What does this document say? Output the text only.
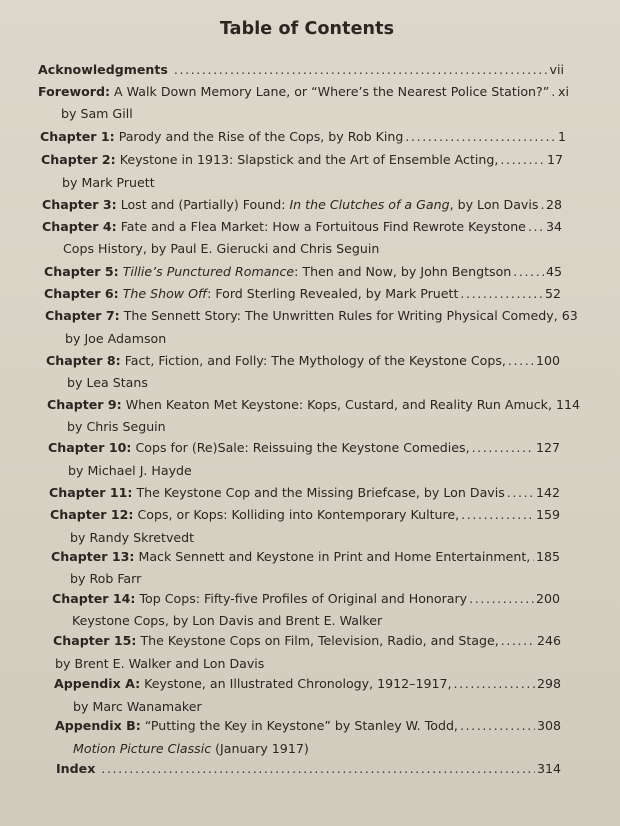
Table of Contents
Acknowledgments . . .	vii
Foreword: A Walk Down Memory Lane, or “Where’s the Nearest Police Station?” . . . xi
by Sam Gill
Chapter 1: Parody and the Rise of the Cops, by Rob King . . .	1
Chapter 2: Keystone in 1913: Slapstick and the Art of Ensemble Acting, . . .	17
by Mark Pruett
Chapter 3: Lost and (Partially) Found: In the Clutches of a Gang, by Lon Davis . . . 28
Chapter 4: Fate and a Flea Market: How a Fortuitous Find Rewrote Keystone . . . 34
Cops History, by Paul E. Gierucki and Chris Seguin
Chapter 5: Tillie’s Punctured Romance: Then and Now, by John Bengtson . . .	45
Chapter 6: The Show Off: Ford Sterling Revealed, by Mark Pruett . . .	52
Chapter 7: The Sennett Story: The Unwritten Rules for Writing Physical Comedy, 63
by Joe Adamson
Chapter 8: Fact, Fiction, and Folly: The Mythology of the Keystone Cops, . . . 100
by Lea Stans
Chapter 9: When Keaton Met Keystone: Kops, Custard, and Reality Run Amuck, 114
by Chris Seguin
Chapter 10: Cops for (Re)Sale: Reissuing the Keystone Comedies, . . .	127
by Michael J. Hayde
Chapter 11: The Keystone Cop and the Missing Briefcase, by Lon Davis . . . 142
Chapter 12: Cops, or Kops: Kolliding into Kontemporary Kulture, . . .	159
by Randy Skretvedt
Chapter 13: Mack Sennett and Keystone in Print and Home Entertainment, . . . 185
by Rob Farr
Chapter 14: Top Cops: Fifty-five Profiles of Original and Honorary . . .	200
Keystone Cops, by Lon Davis and Brent E. Walker
Chapter 15: The Keystone Cops on Film, Television, Radio, and Stage, . . .	246
by Brent E. Walker and Lon Davis
Appendix A: Keystone, an Illustrated Chronology, 1912–1917, . . .	298
by Marc Wanamaker
Appendix B: “Putting the Key in Keystone” by Stanley W. Todd, . . .	308
Motion Picture Classic (January 1917)
Index . . .	314
